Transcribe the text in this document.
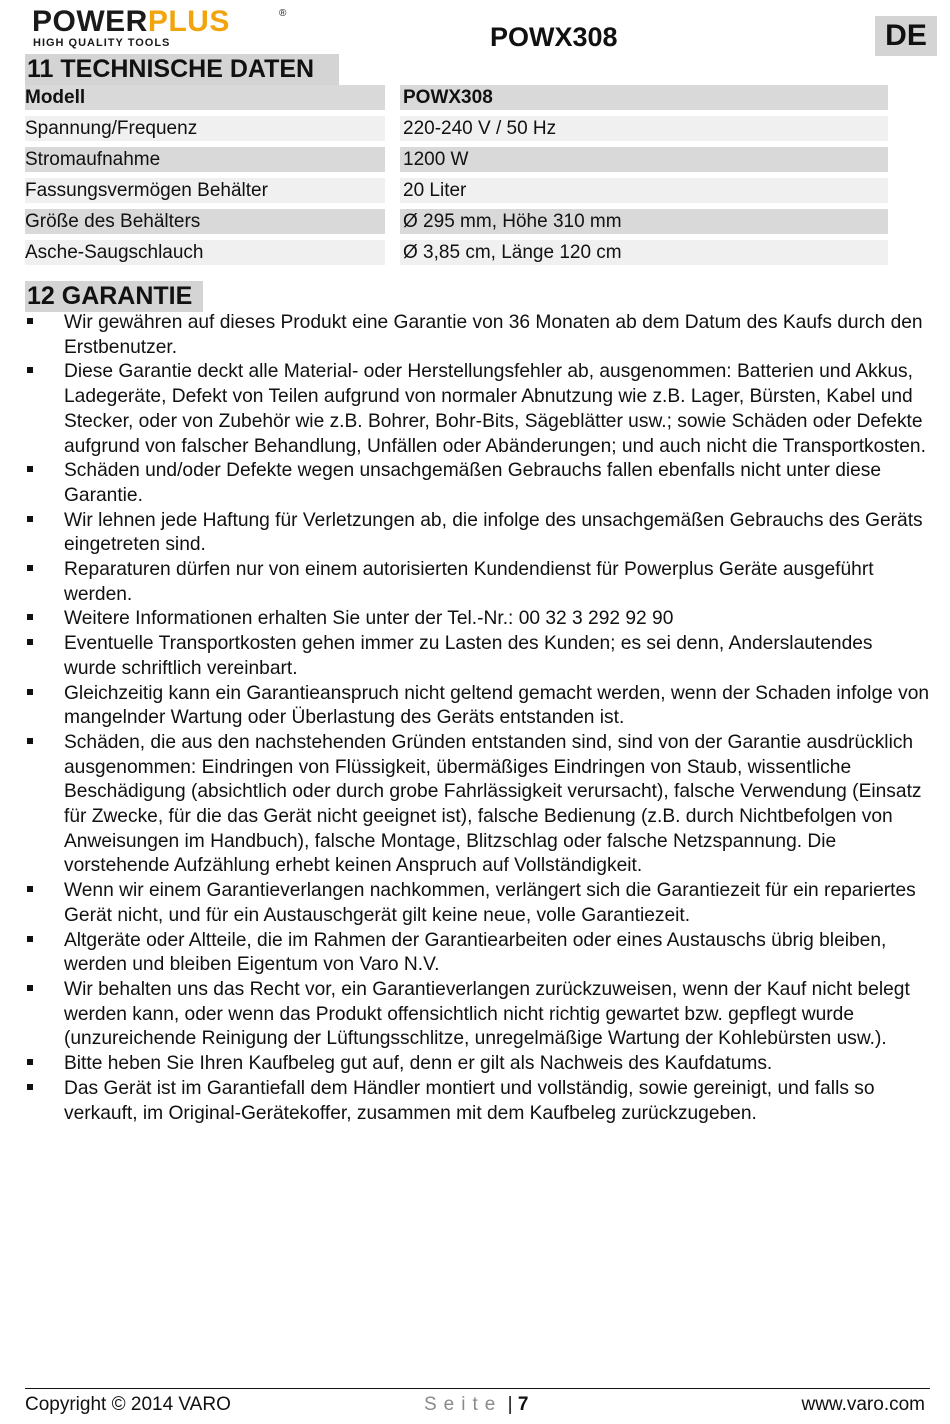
POWERPLUS	®
HIGH QUALITY TOOLS	POWX308	DE
11 TECHNISCHE DATEN
Modell	POWX308
Spannung/Frequenz	220-240 V / 50 Hz
Stromaufnahme	1200 W
Fassungsvermögen Behälter	20 Liter
Größe des Behälters	Ø 295 mm, Höhe 310 mm
Asche-Saugschlauch	Ø 3,85 cm, Länge 120 cm
12 GARANTIE
Wir gewähren auf dieses Produkt eine Garantie von 36 Monaten ab dem Datum des Kaufs durch den Erstbenutzer.
Diese Garantie deckt alle Material- oder Herstellungsfehler ab, ausgenommen: Batterien und Akkus, Ladegeräte, Defekt von Teilen aufgrund von normaler Abnutzung wie z.B. Lager, Bürsten, Kabel und Stecker, oder von Zubehör wie z.B. Bohrer, Bohr-Bits, Sägeblätter usw.; sowie Schäden oder Defekte aufgrund von falscher Behandlung, Unfällen oder Abänderungen; und auch nicht die Transportkosten.
Schäden und/oder Defekte wegen unsachgemäßen Gebrauchs fallen ebenfalls nicht unter diese Garantie.
Wir lehnen jede Haftung für Verletzungen ab, die infolge des unsachgemäßen Gebrauchs des Geräts eingetreten sind.
Reparaturen dürfen nur von einem autorisierten Kundendienst für Powerplus Geräte ausgeführt werden.
Weitere Informationen erhalten Sie unter der Tel.-Nr.: 00 32 3 292 92 90
Eventuelle Transportkosten gehen immer zu Lasten des Kunden; es sei denn, Anderslautendes wurde schriftlich vereinbart.
Gleichzeitig kann ein Garantieanspruch nicht geltend gemacht werden, wenn der Schaden infolge von mangelnder Wartung oder Überlastung des Geräts entstanden ist.
Schäden, die aus den nachstehenden Gründen entstanden sind, sind von der Garantie ausdrücklich ausgenommen: Eindringen von Flüssigkeit, übermäßiges Eindringen von Staub, wissentliche Beschädigung (absichtlich oder durch grobe Fahrlässigkeit verursacht), falsche Verwendung (Einsatz für Zwecke, für die das Gerät nicht geeignet ist), falsche Bedienung (z.B. durch Nichtbefolgen von Anweisungen im Handbuch), falsche Montage, Blitzschlag oder falsche Netzspannung. Die vorstehende Aufzählung erhebt keinen Anspruch auf Vollständigkeit.
Wenn wir einem Garantieverlangen nachkommen, verlängert sich die Garantiezeit für ein repariertes Gerät nicht, und für ein Austauschgerät gilt keine neue, volle Garantiezeit.
Altgeräte oder Altteile, die im Rahmen der Garantiearbeiten oder eines Austauschs übrig bleiben, werden und bleiben Eigentum von Varo N.V.
Wir behalten uns das Recht vor, ein Garantieverlangen zurückzuweisen, wenn der Kauf nicht belegt werden kann, oder wenn das Produkt offensichtlich nicht richtig gewartet bzw. gepflegt wurde (unzureichende Reinigung der Lüftungsschlitze, unregelmäßige Wartung der Kohlebürsten usw.).
Bitte heben Sie Ihren Kaufbeleg gut auf, denn er gilt als Nachweis des Kaufdatums.
Das Gerät ist im Garantiefall dem Händler montiert und vollständig, sowie gereinigt, und falls so verkauft, im Original-Gerätekoffer, zusammen mit dem Kaufbeleg zurückzugeben.
Copyright © 2014 VARO	Seite | 7	www.varo.com
